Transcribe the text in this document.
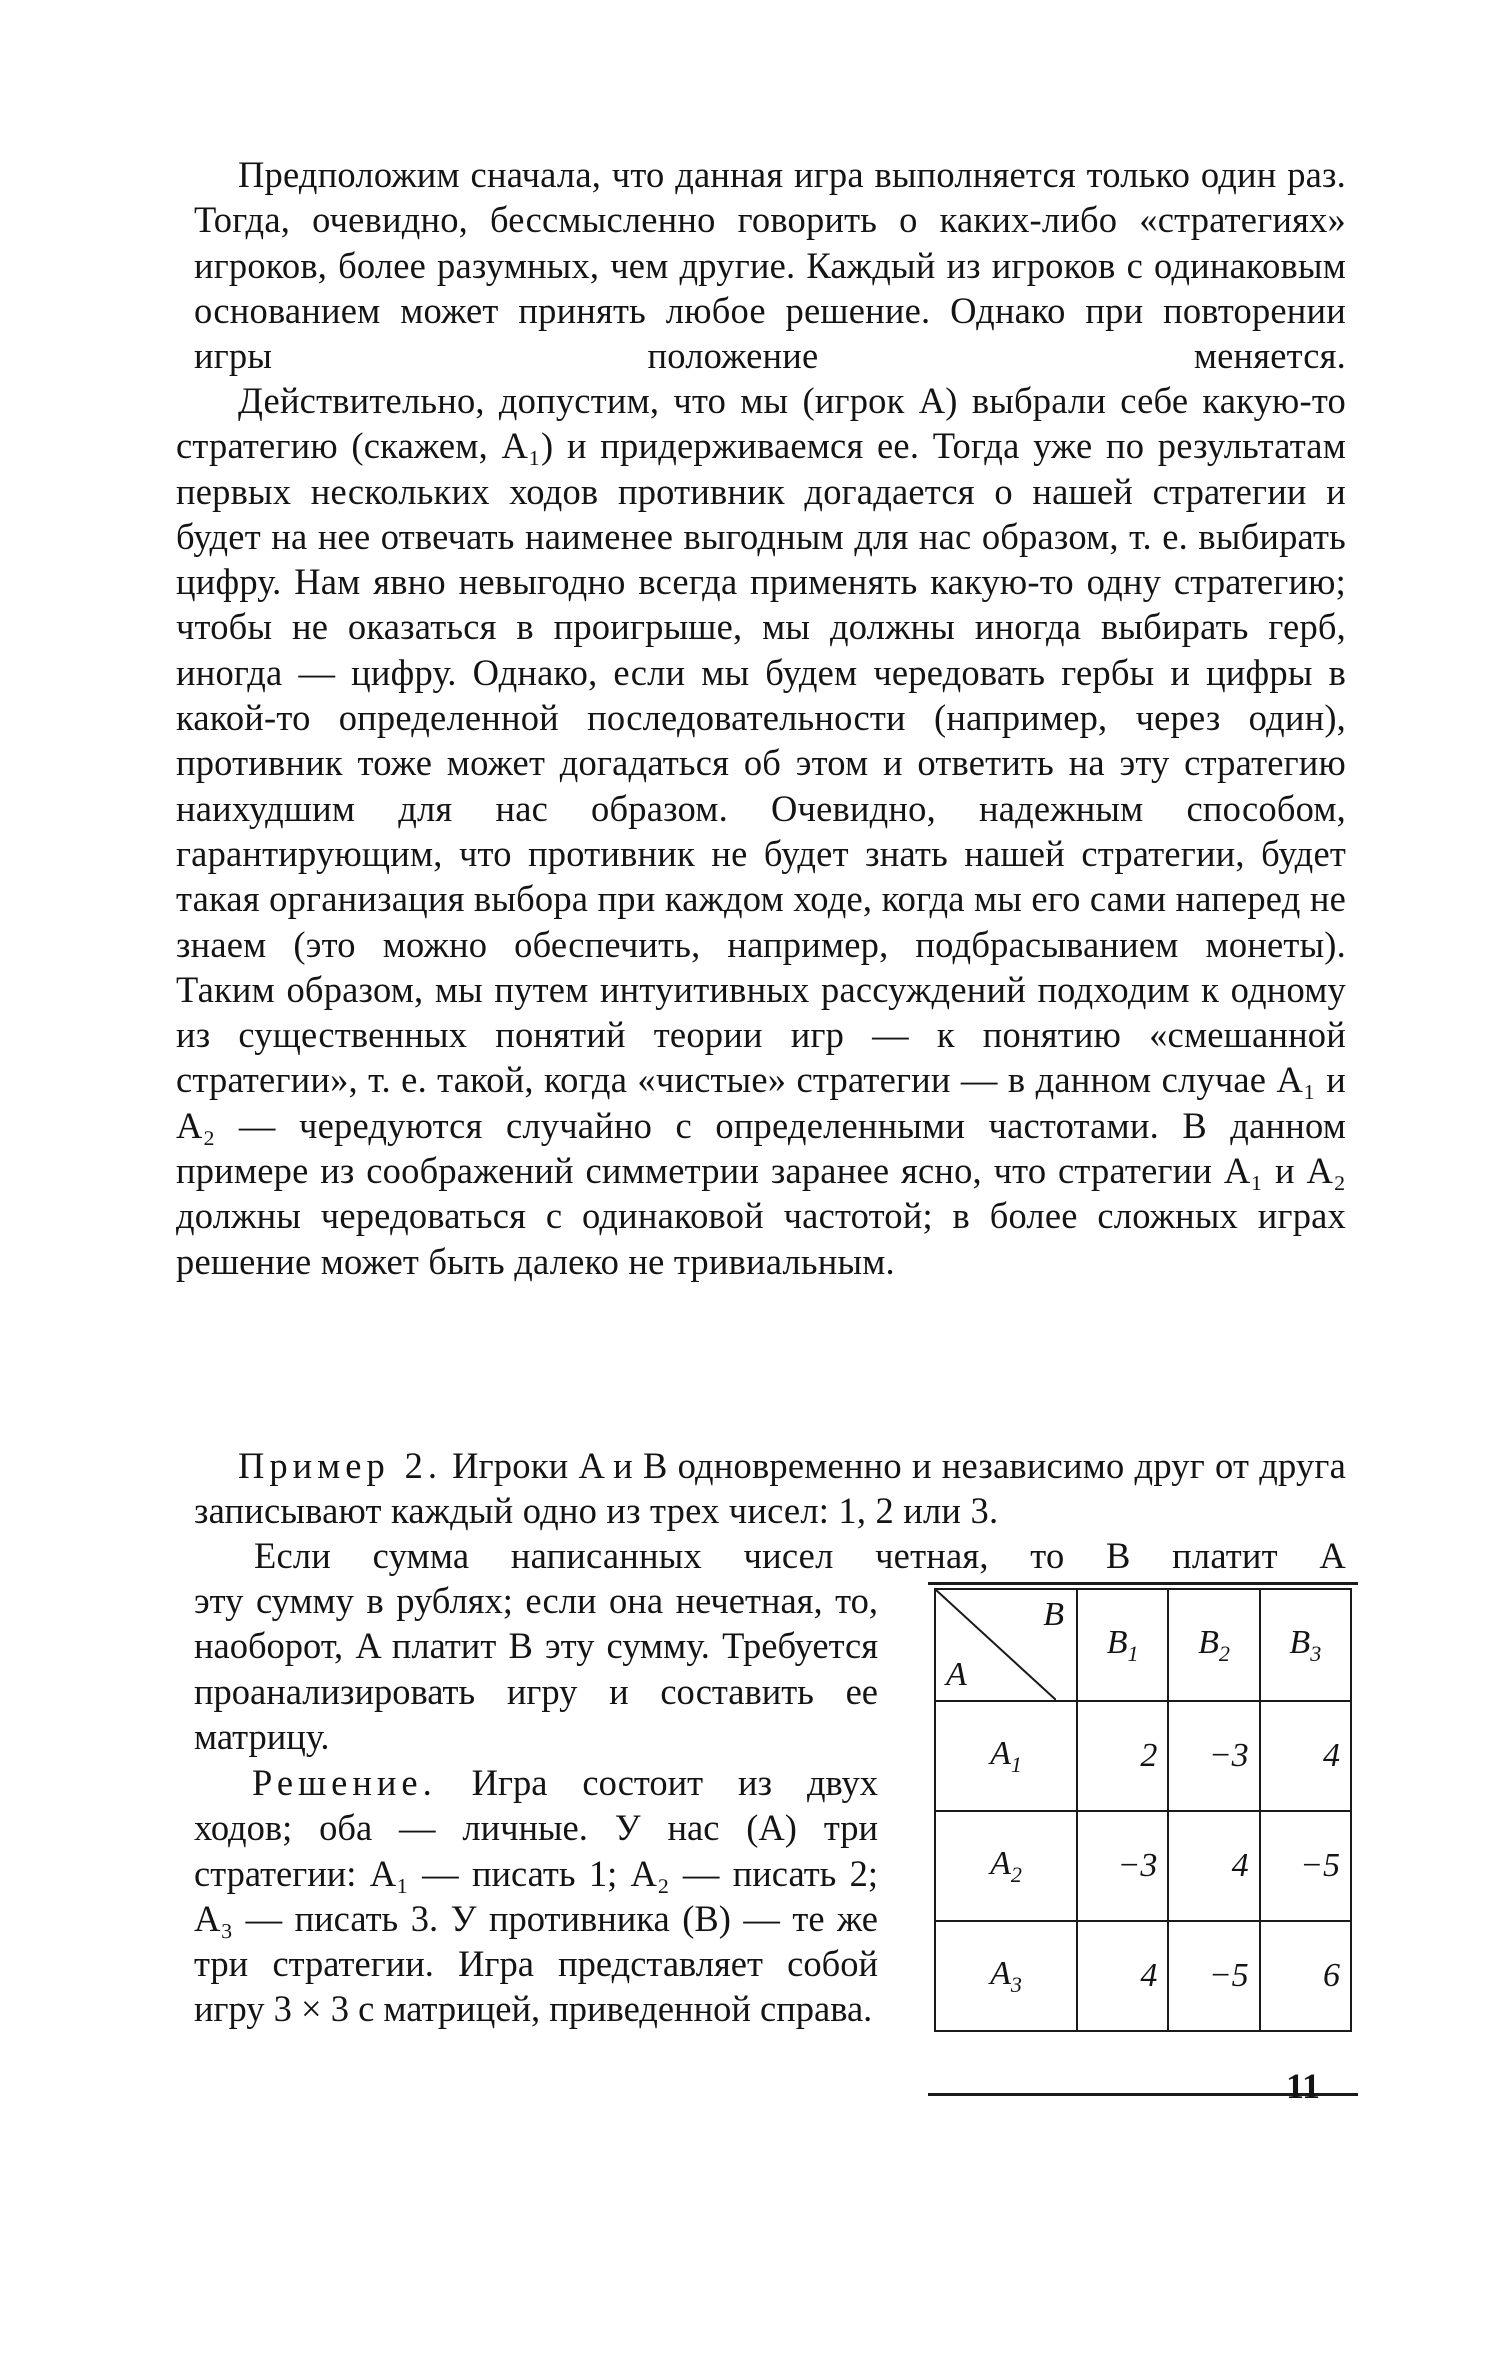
Предположим сначала, что данная игра выполняется только один раз. Тогда, очевидно, бессмысленно говорить о каких-либо «стратегиях» игроков, более разумных, чем другие. Каждый из игроков с одинаковым основанием может принять любое решение. Однако при повторении игры положение меняется.

Действительно, допустим, что мы (игрок A) выбрали себе какую-то стратегию (скажем, A₁) и придерживаемся ее. Тогда уже по результатам первых нескольких ходов противник догадается о нашей стратегии и будет на нее отвечать наименее выгодным для нас образом, т. е. выбирать цифру. Нам явно невыгодно всегда применять какую-то одну стратегию; чтобы не оказаться в проигрыше, мы должны иногда выбирать герб, иногда — цифру. Однако, если мы будем чередовать гербы и цифры в какой-то определенной последовательности (например, через один), противник тоже может догадаться об этом и ответить на эту стратегию наихудшим для нас образом. Очевидно, надежным способом, гарантирующим, что противник не будет знать нашей стратегии, будет такая организация выбора при каждом ходе, когда мы его сами наперед не знаем (это можно обеспечить, например, подбрасыванием монеты). Таким образом, мы путем интуитивных рассуждений подходим к одному из существенных понятий теории игр — к понятию «смешанной стратегии», т. е. такой, когда «чистые» стратегии — в данном случае A₁ и A₂ — чередуются случайно с определенными частотами. В данном примере из соображений симметрии заранее ясно, что стратегии A₁ и A₂ должны чередоваться с одинаковой частотой; в более сложных играх решение может быть далеко не тривиальным.

Пример 2. Игроки A и B одновременно и независимо друг от друга записывают каждый одно из трех чисел: 1, 2 или 3.

Если сумма написанных чисел четная, то B платит A

эту сумму в рублях; если она нечетная, то, наоборот, A платит B эту сумму. Требуется проанализировать игру и составить ее матрицу.

Решение. Игра состоит из двух ходов; оба — личные. У нас (A) три стратегии: A₁ — писать 1; A₂ — писать 2; A₃ — писать 3. У противника (B) — те же три стратегии. Игра представляет собой игру 3 × 3 с матрицей, приведенной справа.

B
A	$B_1$	$B_2$	$B_3$
$A_1$	2	−3	4
$A_2$	−3	4	−5
$A_3$	4	−5	6
11
